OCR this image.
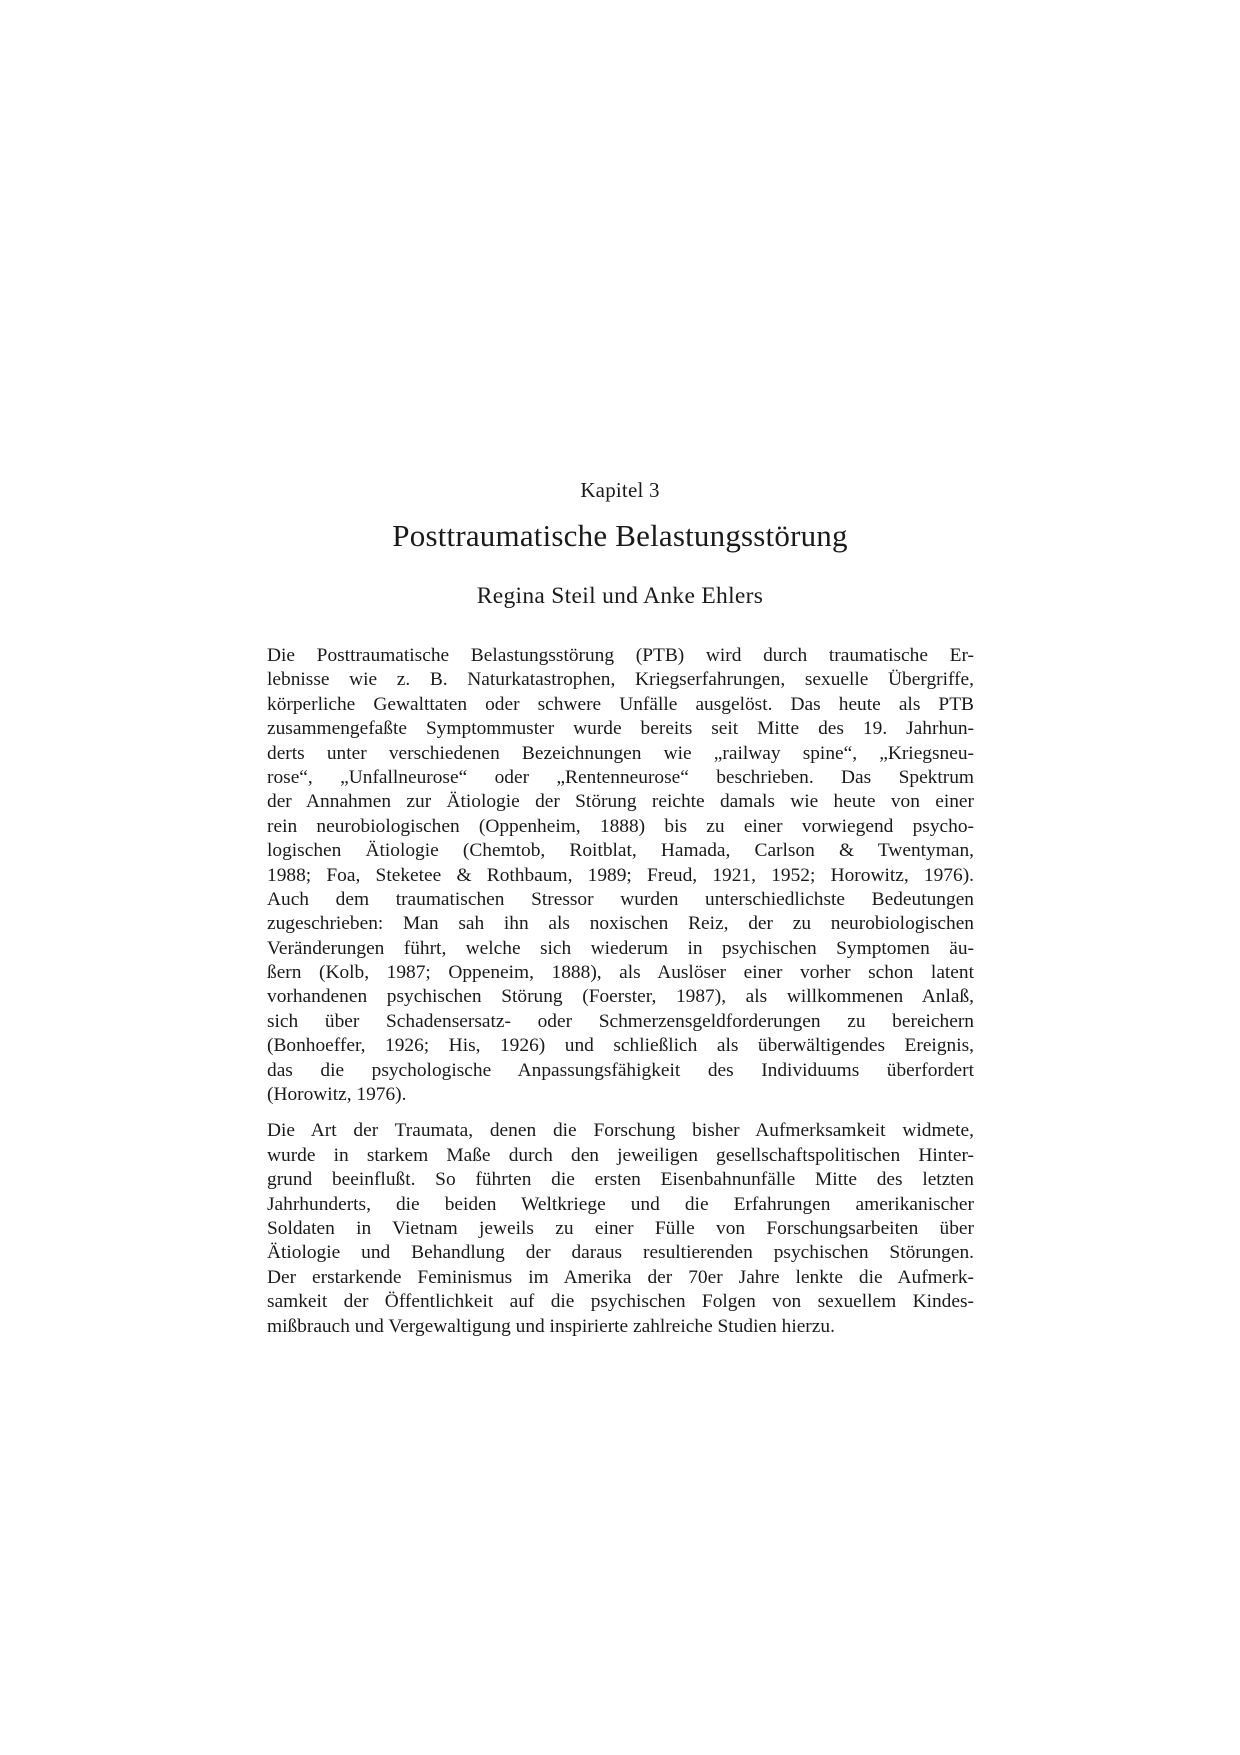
Kapitel 3
Posttraumatische Belastungsstörung
Regina Steil und Anke Ehlers

Die Posttraumatische Belastungsstörung (PTB) wird durch traumatische Er-
lebnisse wie z. B. Naturkatastrophen, Kriegserfahrungen, sexuelle Übergriffe,
körperliche Gewalttaten oder schwere Unfälle ausgelöst. Das heute als PTB
zusammengefaßte Symptommuster wurde bereits seit Mitte des 19. Jahrhun-
derts unter verschiedenen Bezeichnungen wie „railway spine“, „Kriegsneu-
rose“, „Unfallneurose“ oder „Rentenneurose“ beschrieben. Das Spektrum
der Annahmen zur Ätiologie der Störung reichte damals wie heute von einer
rein neurobiologischen (Oppenheim, 1888) bis zu einer vorwiegend psycho-
logischen Ätiologie (Chemtob, Roitblat, Hamada, Carlson & Twentyman,
1988; Foa, Steketee & Rothbaum, 1989; Freud, 1921, 1952; Horowitz, 1976).
Auch dem traumatischen Stressor wurden unterschiedlichste Bedeutungen
zugeschrieben: Man sah ihn als noxischen Reiz, der zu neurobiologischen
Veränderungen führt, welche sich wiederum in psychischen Symptomen äu-
ßern (Kolb, 1987; Oppeneim, 1888), als Auslöser einer vorher schon latent
vorhandenen psychischen Störung (Foerster, 1987), als willkommenen Anlaß,
sich über Schadensersatz- oder Schmerzensgeldforderungen zu bereichern
(Bonhoeffer, 1926; His, 1926) und schließlich als überwältigendes Ereignis,
das die psychologische Anpassungsfähigkeit des Individuums überfordert
(Horowitz, 1976).

Die Art der Traumata, denen die Forschung bisher Aufmerksamkeit widmete,
wurde in starkem Maße durch den jeweiligen gesellschaftspolitischen Hinter-
grund beeinflußt. So führten die ersten Eisenbahnunfälle Mitte des letzten
Jahrhunderts, die beiden Weltkriege und die Erfahrungen amerikanischer
Soldaten in Vietnam jeweils zu einer Fülle von Forschungsarbeiten über
Ätiologie und Behandlung der daraus resultierenden psychischen Störungen.
Der erstarkende Feminismus im Amerika der 70er Jahre lenkte die Aufmerk-
samkeit der Öffentlichkeit auf die psychischen Folgen von sexuellem Kindes-
mißbrauch und Vergewaltigung und inspirierte zahlreiche Studien hierzu.
